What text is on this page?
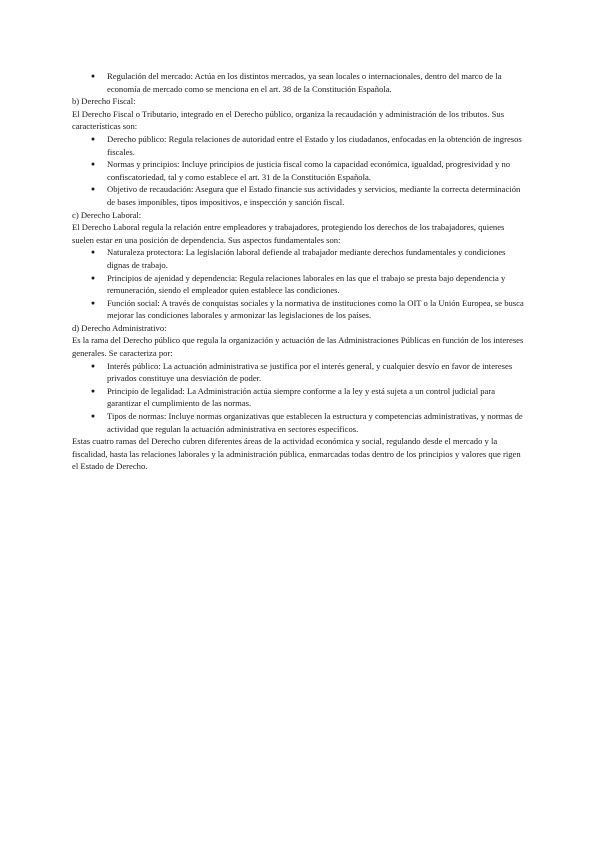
●	Regulación del mercado: Actúa en los distintos mercados, ya sean locales o internacionales, dentro del marco de la economía de mercado como se menciona en el art. 38 de la Constitución Española.

b) Derecho Fiscal:

El Derecho Fiscal o Tributario, integrado en el Derecho público, organiza la recaudación y administración de los tributos. Sus características son:

●	Derecho público: Regula relaciones de autoridad entre el Estado y los ciudadanos, enfocadas en la obtención de ingresos fiscales.
●	Normas y principios: Incluye principios de justicia fiscal como la capacidad económica, igualdad, progresividad y no confiscatoriedad, tal y como establece el art. 31 de la Constitución Española.
●	Objetivo de recaudación: Asegura que el Estado financie sus actividades y servicios, mediante la correcta determinación de bases imponibles, tipos impositivos, e inspección y sanción fiscal.

c) Derecho Laboral:

El Derecho Laboral regula la relación entre empleadores y trabajadores, protegiendo los derechos de los trabajadores, quienes suelen estar en una posición de dependencia. Sus aspectos fundamentales son:

●	Naturaleza protectora: La legislación laboral defiende al trabajador mediante derechos fundamentales y condiciones dignas de trabajo.
●	Principios de ajenidad y dependencia: Regula relaciones laborales en las que el trabajo se presta bajo dependencia y remuneración, siendo el empleador quien establece las condiciones.
●	Función social: A través de conquistas sociales y la normativa de instituciones como la OIT o la Unión Europea, se busca mejorar las condiciones laborales y armonizar las legislaciones de los países.

d) Derecho Administrativo:

Es la rama del Derecho público que regula la organización y actuación de las Administraciones Públicas en función de los intereses generales. Se caracteriza por:

●	Interés público: La actuación administrativa se justifica por el interés general, y cualquier desvío en favor de intereses privados constituye una desviación de poder.
●	Principio de legalidad: La Administración actúa siempre conforme a la ley y está sujeta a un control judicial para garantizar el cumplimiento de las normas.
●	Tipos de normas: Incluye normas organizativas que establecen la estructura y competencias administrativas, y normas de actividad que regulan la actuación administrativa en sectores específicos.

Estas cuatro ramas del Derecho cubren diferentes áreas de la actividad económica y social, regulando desde el mercado y la fiscalidad, hasta las relaciones laborales y la administración pública, enmarcadas todas dentro de los principios y valores que rigen el Estado de Derecho.
